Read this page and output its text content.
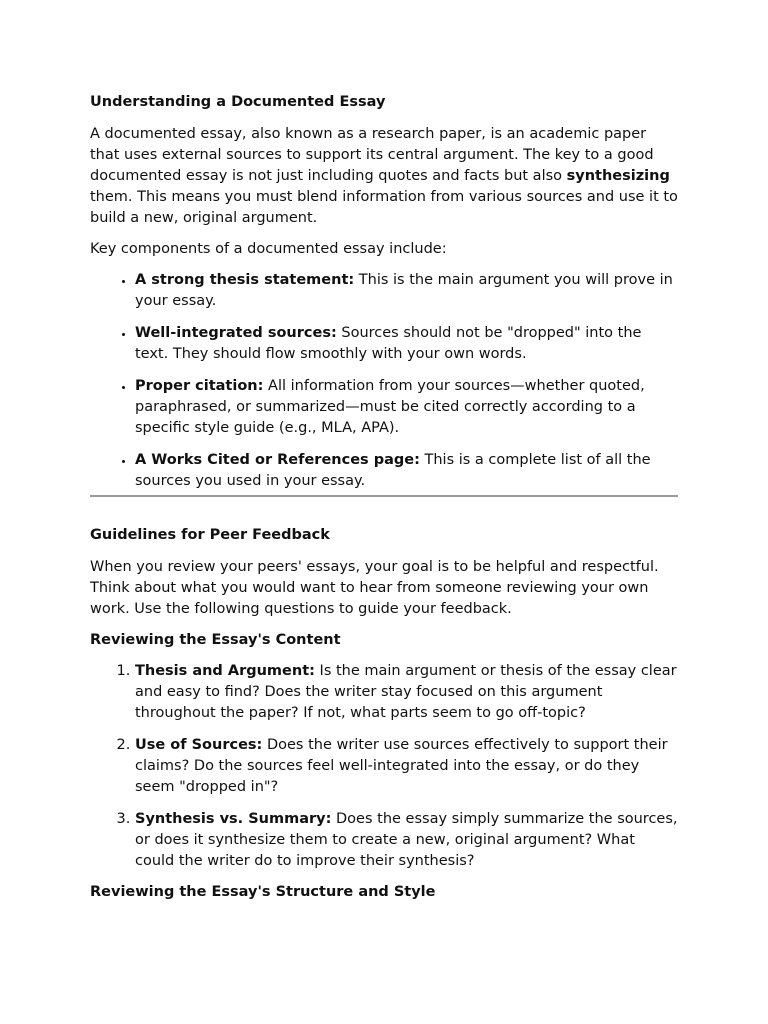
Understanding a Documented Essay

A documented essay, also known as a research paper, is an academic paper that uses external sources to support its central argument. The key to a good documented essay is not just including quotes and facts but also synthesizing them. This means you must blend information from various sources and use it to build a new, original argument.

Key components of a documented essay include:

• A strong thesis statement: This is the main argument you will prove in your essay.
• Well-integrated sources: Sources should not be "dropped" into the text. They should flow smoothly with your own words.
• Proper citation: All information from your sources—whether quoted, paraphrased, or summarized—must be cited correctly according to a specific style guide (e.g., MLA, APA).
• A Works Cited or References page: This is a complete list of all the sources you used in your essay.
Guidelines for Peer Feedback

When you review your peers' essays, your goal is to be helpful and respectful. Think about what you would want to hear from someone reviewing your own work. Use the following questions to guide your feedback.

Reviewing the Essay's Content
1. Thesis and Argument: Is the main argument or thesis of the essay clear and easy to find? Does the writer stay focused on this argument throughout the paper? If not, what parts seem to go off-topic?
2. Use of Sources: Does the writer use sources effectively to support their claims? Do the sources feel well-integrated into the essay, or do they seem "dropped in"?
3. Synthesis vs. Summary: Does the essay simply summarize the sources, or does it synthesize them to create a new, original argument? What could the writer do to improve their synthesis?
Reviewing the Essay's Structure and Style
